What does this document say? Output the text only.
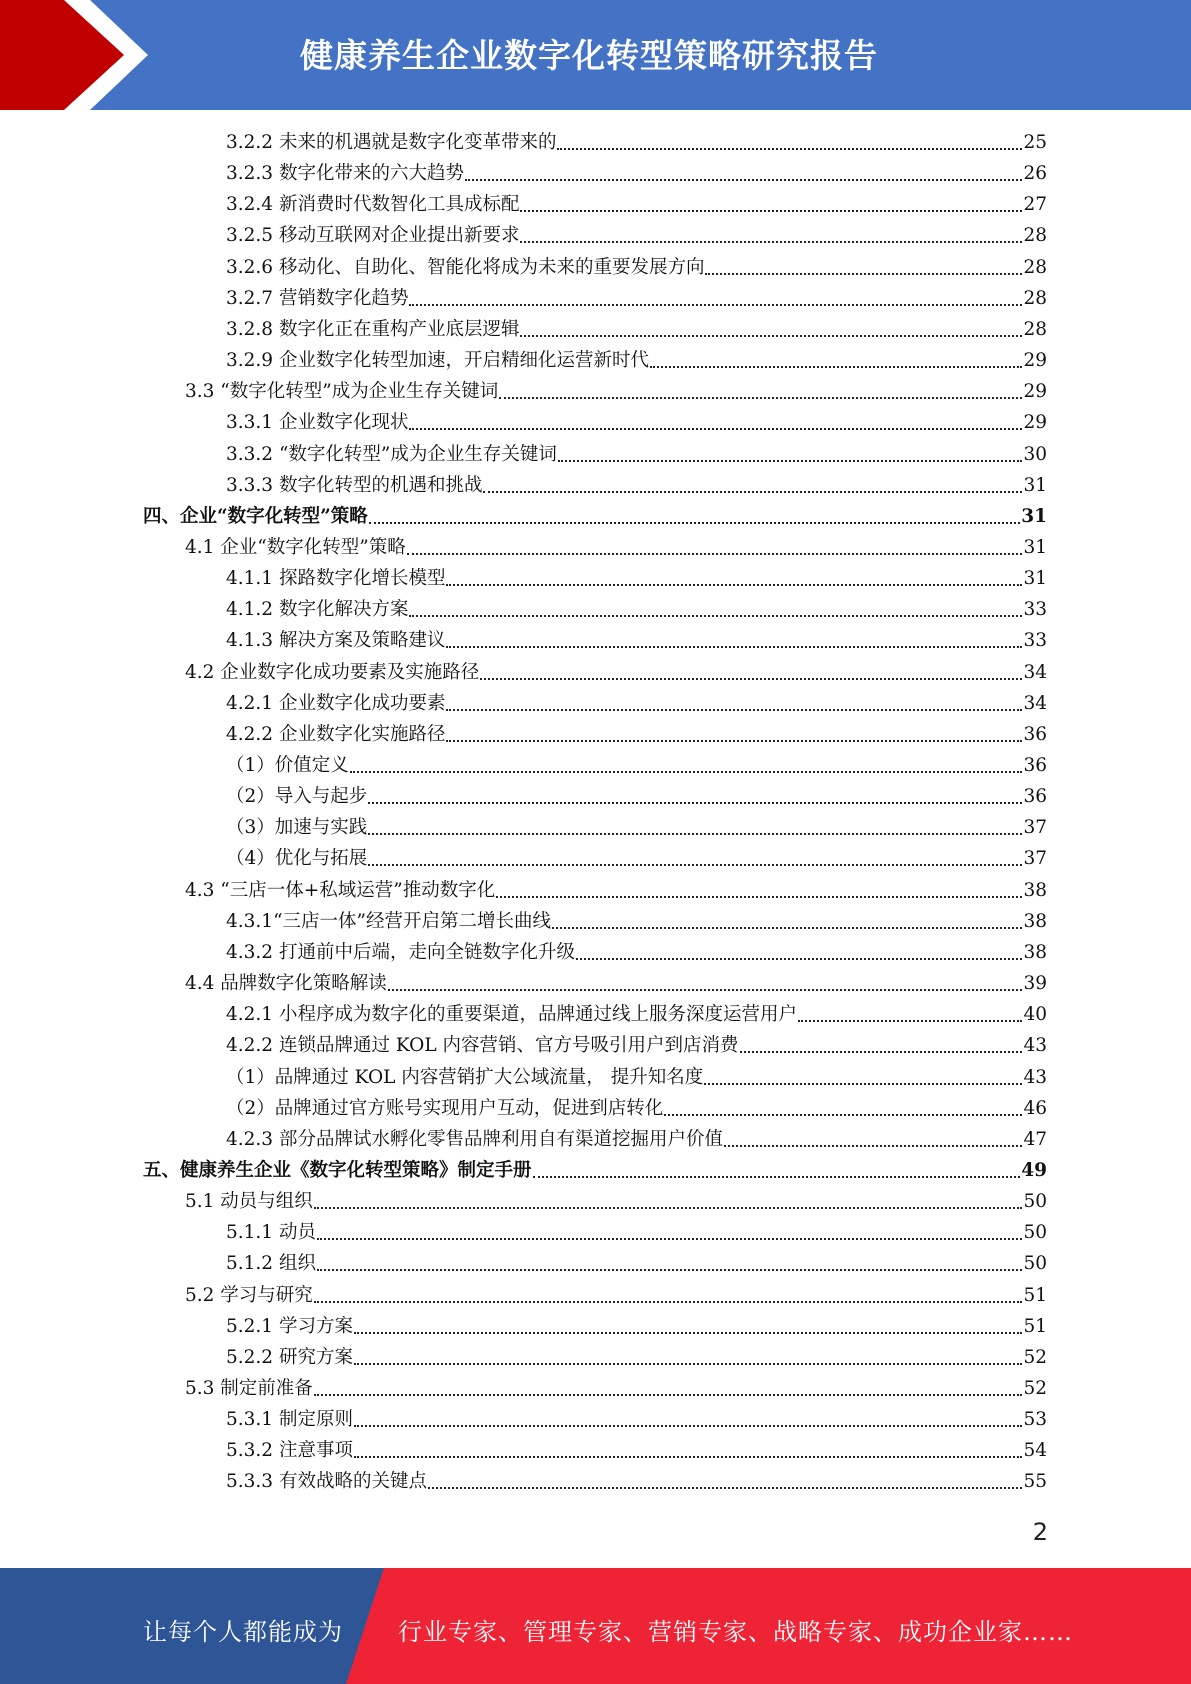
健康养生企业数字化转型策略研究报告
3.2.2 未来的机遇就是数字化变革带来的	25
3.2.3 数字化带来的六大趋势	26
3.2.4 新消费时代数智化工具成标配	27
3.2.5 移动互联网对企业提出新要求	28
3.2.6 移动化、自助化、智能化将成为未来的重要发展方向	28
3.2.7 营销数字化趋势	28
3.2.8 数字化正在重构产业底层逻辑	28
3.2.9 企业数字化转型加速，开启精细化运营新时代	29
3.3 “数字化转型”成为企业生存关键词	29
3.3.1 企业数字化现状	29
3.3.2 “数字化转型”成为企业生存关键词	30
3.3.3 数字化转型的机遇和挑战	31
四、企业“数字化转型”策略	31
4.1 企业“数字化转型”策略	31
4.1.1 探路数字化增长模型	31
4.1.2 数字化解决方案	33
4.1.3 解决方案及策略建议	33
4.2 企业数字化成功要素及实施路径	34
4.2.1 企业数字化成功要素	34
4.2.2 企业数字化实施路径	36
（1）价值定义	36
（2）导入与起步	36
（3）加速与实践	37
（4）优化与拓展	37
4.3 “三店一体+私域运营”推动数字化	38
4.3.1“三店一体”经营开启第二增长曲线	38
4.3.2 打通前中后端，走向全链数字化升级	38
4.4 品牌数字化策略解读	39
4.2.1 小程序成为数字化的重要渠道，品牌通过线上服务深度运营用户	40
4.2.2 连锁品牌通过 KOL 内容营销、官方号吸引用户到店消费	43
（1）品牌通过 KOL 内容营销扩大公域流量， 提升知名度	43
（2）品牌通过官方账号实现用户互动，促进到店转化	46
4.2.3 部分品牌试水孵化零售品牌利用自有渠道挖掘用户价值	47
五、健康养生企业《数字化转型策略》制定手册	49
5.1 动员与组织	50
5.1.1 动员	50
5.1.2 组织	50
5.2 学习与研究	51
5.2.1 学习方案	51
5.2.2 研究方案	52
5.3 制定前准备	52
5.3.1 制定原则	53
5.3.2 注意事项	54
5.3.3 有效战略的关键点	55
2
让每个人都能成为 行业专家、管理专家、营销专家、战略专家、成功企业家……
